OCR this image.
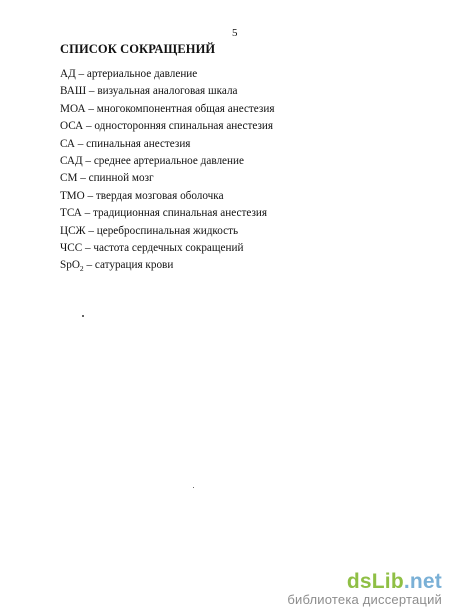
5
СПИСОК СОКРАЩЕНИЙ
АД – артериальное давление
ВАШ – визуальная аналоговая шкала
МОА – многокомпонентная общая анестезия
ОСА – односторонняя спинальная анестезия
СА – спинальная анестезия
САД – среднее артериальное давление
СМ – спинной мозг
ТМО – твердая мозговая оболочка
ТСА – традиционная спинальная анестезия
ЦСЖ – цереброспинальная жидкость
ЧСС – частота сердечных сокращений
SpO$_2$ – сатурация крови
dsLib.net
библиотека диссертаций
